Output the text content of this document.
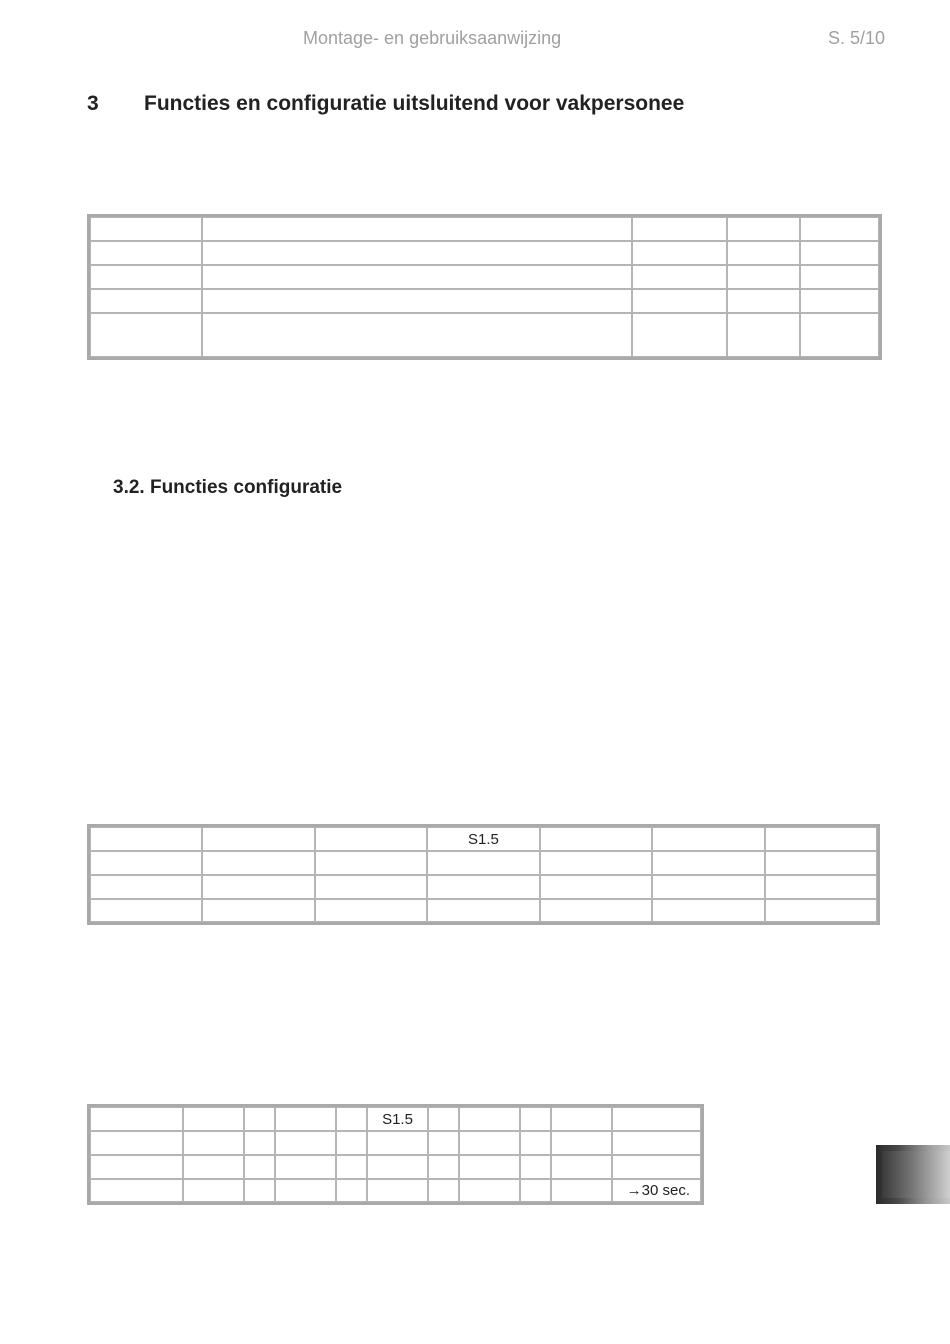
Montage- en gebruiksaanwijzing	S. 5/10
3 Functies en configuratie uitsluitend voor vakpersonee

3.2. Functies configuratie
			S1.5			

					S1.5					

										→30 sec.
